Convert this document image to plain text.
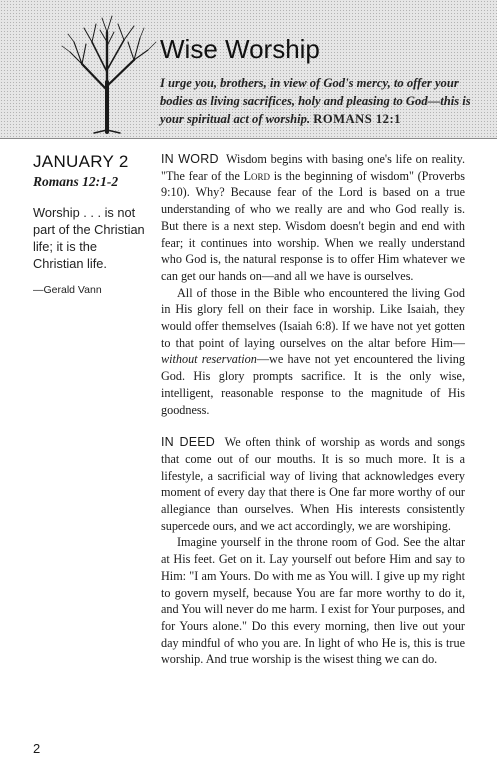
Wise Worship
I urge you, brothers, in view of God's mercy, to offer your bodies as living sacrifices, holy and pleasing to God—this is your spiritual act of worship. ROMANS 12:1
JANUARY 2
Romans 12:1-2
Worship . . . is not part of the Christian life; it is the Christian life.
—Gerald Vann

IN WORD Wisdom begins with basing one's life on reality. "The fear of the Lord is the beginning of wisdom" (Proverbs 9:10). Why? Because fear of the Lord is based on a true understanding of who we really are and who God really is. But there is a next step. Wisdom doesn't begin and end with fear; it continues into worship. When we really understand who God is, the natural response is to offer Him whatever we can get our hands on—and all we have is ourselves.

All of those in the Bible who encountered the living God in His glory fell on their face in worship. Like Isaiah, they would offer themselves (Isaiah 6:8). If we have not yet gotten to that point of laying ourselves on the altar before Him—without reservation—we have not yet encountered the living God. His glory prompts sacrifice. It is the only wise, intelligent, reasonable response to the magnitude of His goodness.

IN DEED We often think of worship as words and songs that come out of our mouths. It is so much more. It is a lifestyle, a sacrificial way of living that acknowledges every moment of every day that there is One far more worthy of our allegiance than ourselves. When His interests consistently supercede ours, and we act accordingly, we are worshiping.

Imagine yourself in the throne room of God. See the altar at His feet. Get on it. Lay yourself out before Him and say to Him: "I am Yours. Do with me as You will. I give up my right to govern myself, because You are far more worthy to do it, and You will never do me harm. I exist for Your purposes, and for Yours alone." Do this every morning, then live out your day mindful of who you are. In light of who He is, this is true worship. And true worship is the wisest thing we can do.

2
